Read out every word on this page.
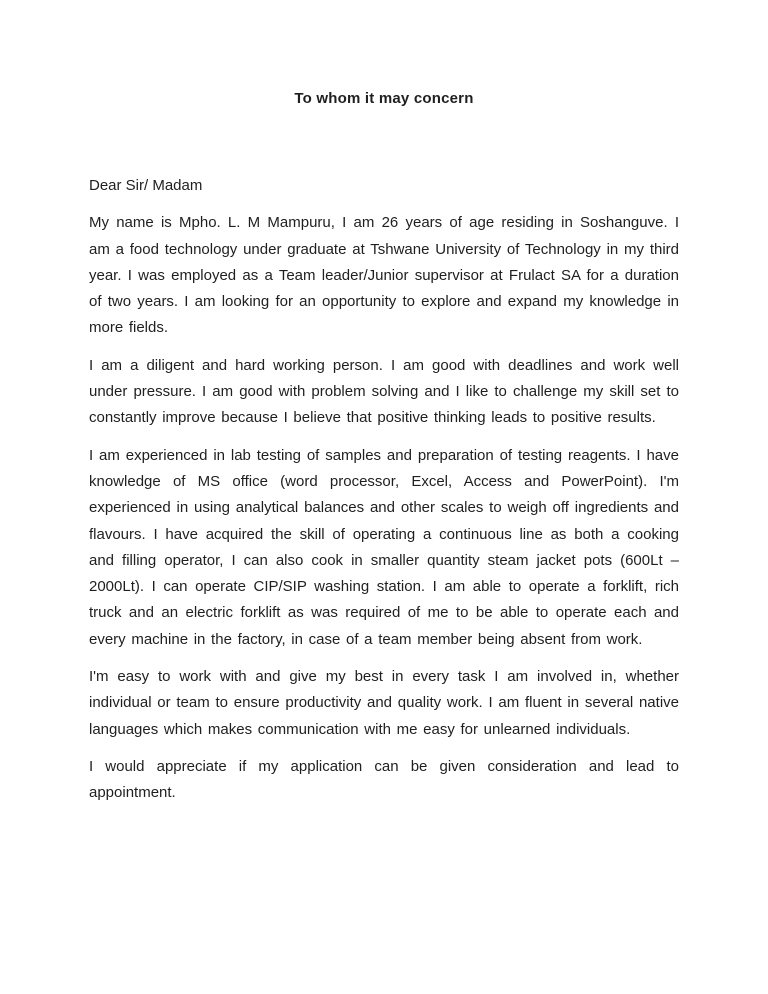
To whom it may concern

Dear Sir/ Madam

My name is Mpho. L. M Mampuru, I am 26 years of age residing in Soshanguve. I am a food technology under graduate at Tshwane University of Technology in my third year. I was employed as a Team leader/Junior supervisor at Frulact SA for a duration of two years. I am looking for an opportunity to explore and expand my knowledge in more fields.

I am a diligent and hard working person. I am good with deadlines and work well under pressure. I am good with problem solving and I like to challenge my skill set to constantly improve because I believe that positive thinking leads to positive results.

I am experienced in lab testing of samples and preparation of testing reagents. I have knowledge of MS office (word processor, Excel, Access and PowerPoint). I'm experienced in using analytical balances and other scales to weigh off ingredients and flavours. I have acquired the skill of operating a continuous line as both a cooking and filling operator, I can also cook in smaller quantity steam jacket pots (600Lt – 2000Lt). I can operate CIP/SIP washing station. I am able to operate a forklift, rich truck and an electric forklift as was required of me to be able to operate each and every machine in the factory, in case of a team member being absent from work.

I'm easy to work with and give my best in every task I am involved in, whether individual or team to ensure productivity and quality work. I am fluent in several native languages which makes communication with me easy for unlearned individuals.

I would appreciate if my application can be given consideration and lead to appointment.
